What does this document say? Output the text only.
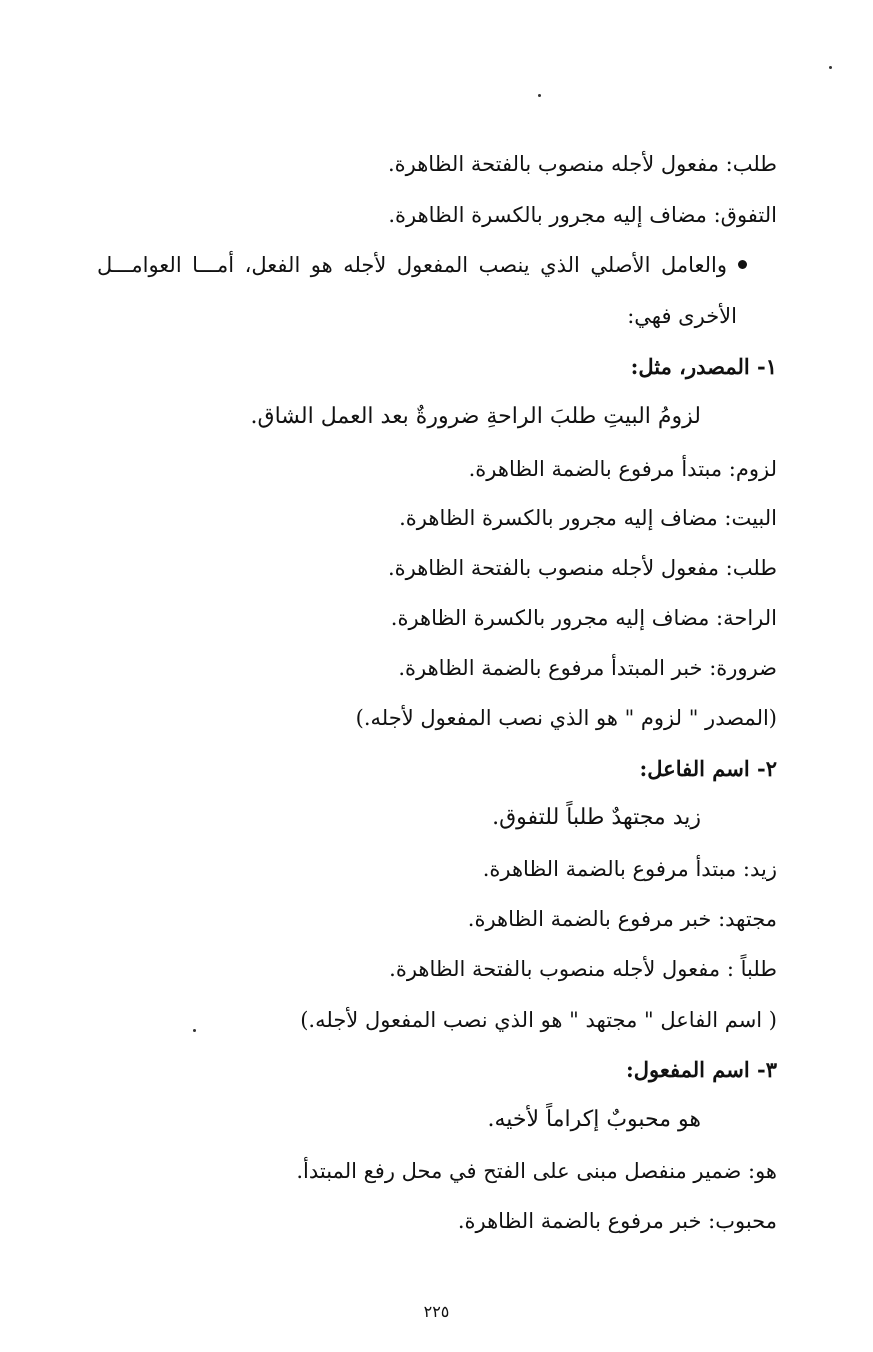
طلب: مفعول لأجله منصوب بالفتحة الظاهرة.
التفوق: مضاف إليه مجرور بالكسرة الظاهرة.
والعامل الأصلي الذي ينصب المفعول لأجله هو الفعل، أمـــا العوامـــل
الأخرى فهي:
١- المصدر، مثل:
لزومُ البيتِ طلبَ الراحةِ ضرورةٌ بعد العمل الشاق.
لزوم: مبتدأ مرفوع بالضمة الظاهرة.
البيت: مضاف إليه مجرور بالكسرة الظاهرة.
طلب: مفعول لأجله منصوب بالفتحة الظاهرة.
الراحة: مضاف إليه مجرور بالكسرة الظاهرة.
ضرورة: خبر المبتدأ مرفوع بالضمة الظاهرة.
(المصدر " لزوم " هو الذي نصب المفعول لأجله.)
٢- اسم الفاعل:
زيد مجتهدٌ طلباً للتفوق.
زيد: مبتدأ مرفوع بالضمة الظاهرة.
مجتهد: خبر مرفوع بالضمة الظاهرة.
طلباً : مفعول لأجله منصوب بالفتحة الظاهرة.
( اسم الفاعل " مجتهد " هو الذي نصب المفعول لأجله.)
٣- اسم المفعول:
هو محبوبٌ إكراماً لأخيه.
هو: ضمير منفصل مبنى على الفتح في محل رفع المبتدأ.
محبوب: خبر مرفوع بالضمة الظاهرة.
٢٢٥
